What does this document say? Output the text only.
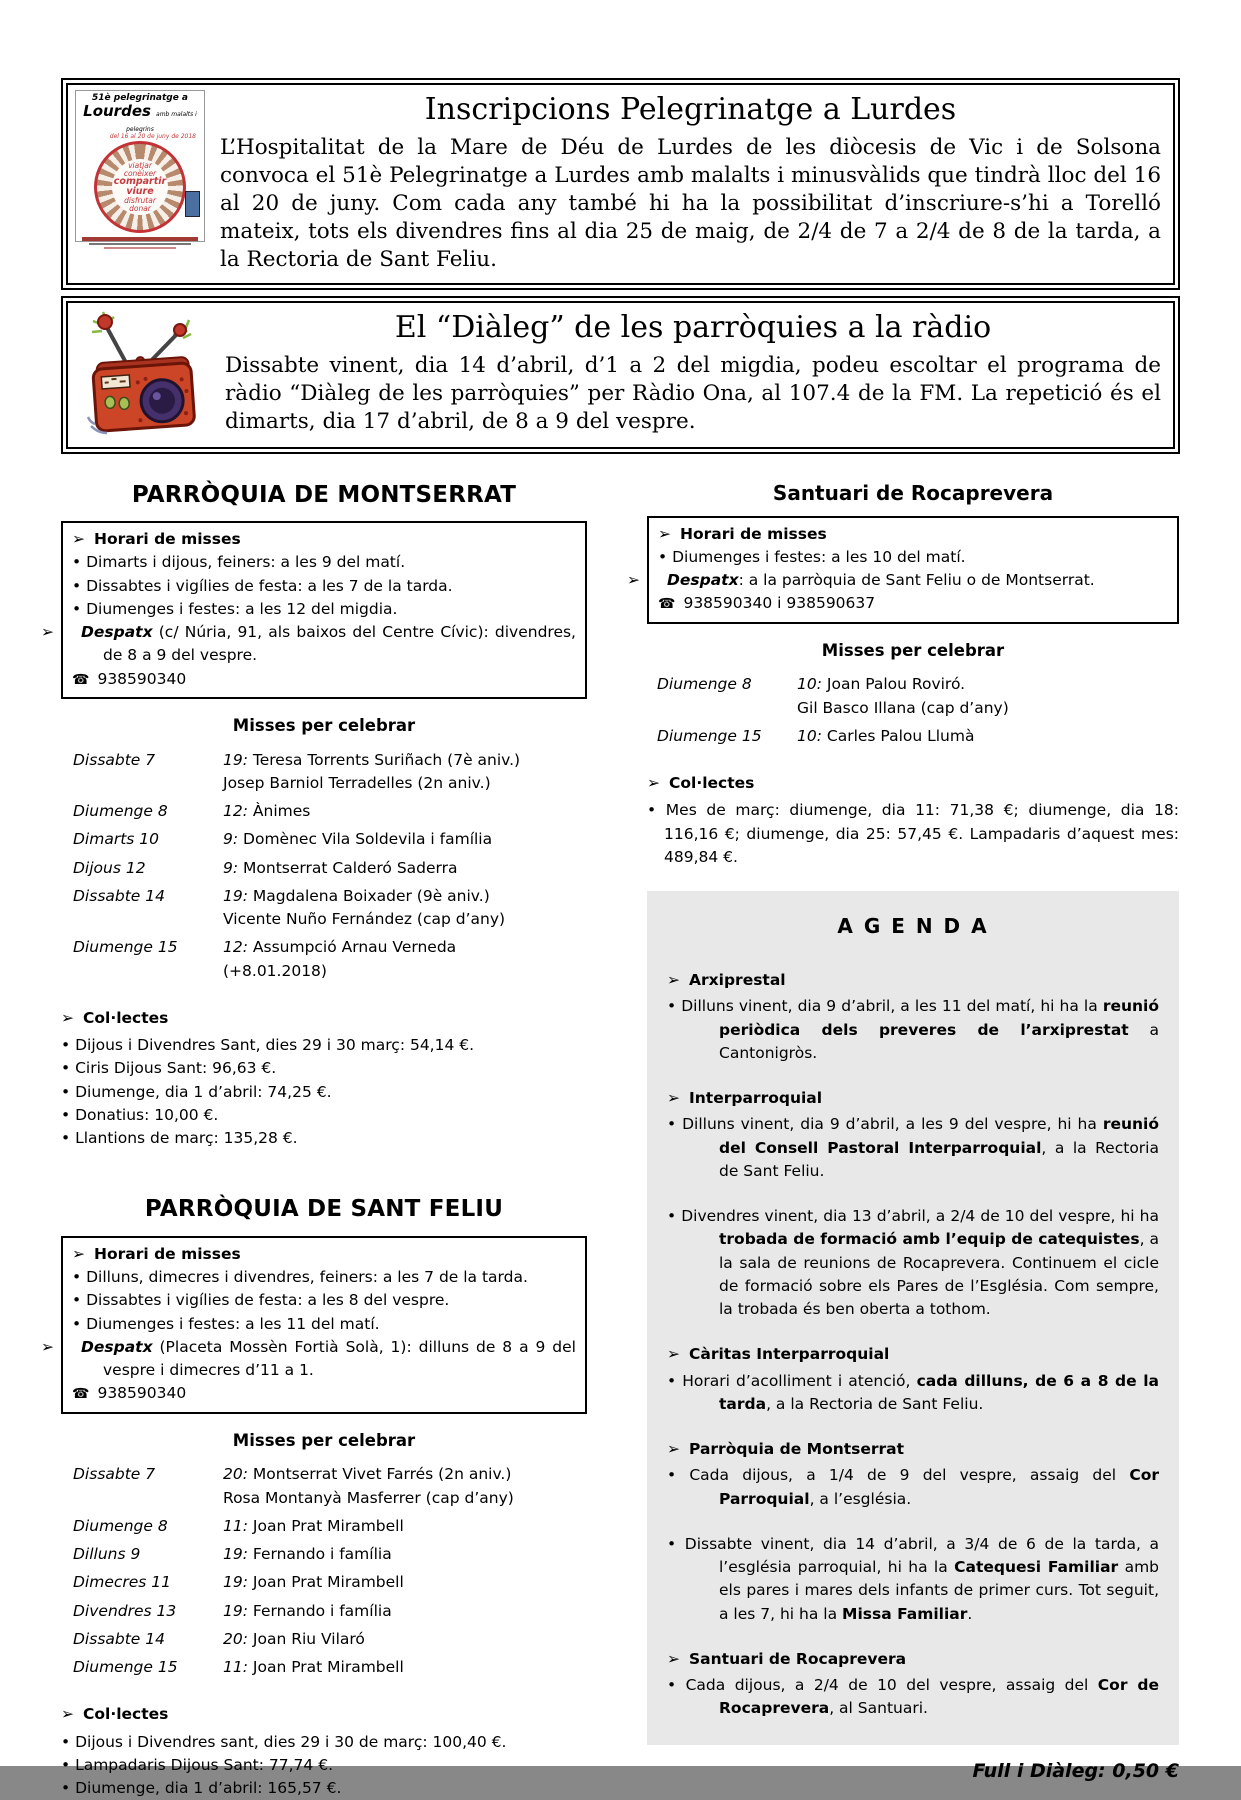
51è pelegrinatge a
Lourdes amb malalts i pelegrins
del 16 al 20 de juny de 2018
viatjar
conèixer
compartir
viure
disfrutar
donar
Inscripcions Pelegrinatge a Lurdes
L’Hospitalitat de la Mare de Déu de Lurdes de les diòcesis de Vic i de Solsona convoca el 51è Pelegrinatge a Lurdes amb malalts i minusvàlids que tindrà lloc del 16 al 20 de juny. Com cada any també hi ha la possibilitat d’inscriure-s’hi a Torelló mateix, tots els divendres fins al dia 25 de maig, de 2/4 de 7 a 2/4 de 8 de la tarda, a la Rectoria de Sant Feliu.
El “Diàleg” de les parròquies a la ràdio
Dissabte vinent, dia 14 d’abril, d’1 a 2 del migdia, podeu escoltar el programa de ràdio “Diàleg de les parròquies” per Ràdio Ona, al 107.4 de la FM. La repetició és el dimarts, dia 17 d’abril, de 8 a 9 del vespre.
PARRÒQUIA DE MONTSERRAT
➢ Horari de misses
• Dimarts i dijous, feiners: a les 9 del matí.
• Dissabtes i vigílies de festa: a les 7 de la tarda.
• Diumenges i festes: a les 12 del migdia.
➢ Despatx (c/ Núria, 91, als baixos del Centre Cívic): divendres, de 8 a 9 del vespre.
☎ 938590340
Misses per celebrar
Dissabte 7	19: Teresa Torrents Suriñach (7è aniv.)
Josep Barniol Terradelles (2n aniv.)
Diumenge 8	12: Ànimes
Dimarts 10	9: Domènec Vila Soldevila i família
Dijous 12	9: Montserrat Calderó Saderra
Dissabte 14	19: Magdalena Boixader (9è aniv.)
Vicente Nuño Fernández (cap d’any)
Diumenge 15	12: Assumpció Arnau Verneda
(+8.01.2018)
➢ Col·lectes
• Dijous i Divendres Sant, dies 29 i 30 març: 54,14 €.
• Ciris Dijous Sant: 96,63 €.
• Diumenge, dia 1 d’abril: 74,25 €.
• Donatius: 10,00 €.
• Llantions de març: 135,28 €.
PARRÒQUIA DE SANT FELIU
➢ Horari de misses
• Dilluns, dimecres i divendres, feiners: a les 7 de la tarda.
• Dissabtes i vigílies de festa: a les 8 del vespre.
• Diumenges i festes: a les 11 del matí.
➢ Despatx (Placeta Mossèn Fortià Solà, 1): dilluns de 8 a 9 del vespre i dimecres d’11 a 1.
☎ 938590340
Misses per celebrar
Dissabte 7	20: Montserrat Vivet Farrés (2n aniv.)
Rosa Montanyà Masferrer (cap d’any)
Diumenge 8	11: Joan Prat Mirambell
Dilluns 9	19: Fernando i família
Dimecres 11	19: Joan Prat Mirambell
Divendres 13	19: Fernando i família
Dissabte 14	20: Joan Riu Vilaró
Diumenge 15	11: Joan Prat Mirambell
➢ Col·lectes
• Dijous i Divendres sant, dies 29 i 30 de març: 100,40 €.
• Lampadaris Dijous Sant: 77,74 €.
• Diumenge, dia 1 d’abril: 165,57 €.
Santuari de Rocaprevera
➢ Horari de misses
• Diumenges i festes: a les 10 del matí.
➢ Despatx: a la parròquia de Sant Feliu o de Montserrat.
☎ 938590340 i 938590637
Misses per celebrar
Diumenge 8	10: Joan Palou Roviró.
Gil Basco Illana (cap d’any)
Diumenge 15	10: Carles Palou Llumà
➢ Col·lectes
• Mes de març: diumenge, dia 11: 71,38 €; diumenge, dia 18: 116,16 €; diumenge, dia 25: 57,45 €. Lampadaris d’aquest mes: 489,84 €.
A G E N D A
➢ Arxiprestal
• Dilluns vinent, dia 9 d’abril, a les 11 del matí, hi ha la reunió periòdica dels preveres de l’arxiprestat a Cantonigròs.
➢ Interparroquial
• Dilluns vinent, dia 9 d’abril, a les 9 del vespre, hi ha reunió del Consell Pastoral Interparroquial, a la Rectoria de Sant Feliu.
• Divendres vinent, dia 13 d’abril, a 2/4 de 10 del vespre, hi ha trobada de formació amb l’equip de catequistes, a la sala de reunions de Rocaprevera. Continuem el cicle de formació sobre els Pares de l’Església. Com sempre, la trobada és ben oberta a tothom.
➢ Càritas Interparroquial
• Horari d’acolliment i atenció, cada dilluns, de 6 a 8 de la tarda, a la Rectoria de Sant Feliu.
➢ Parròquia de Montserrat
• Cada dijous, a 1/4 de 9 del vespre, assaig del Cor Parroquial, a l’església.
• Dissabte vinent, dia 14 d’abril, a 3/4 de 6 de la tarda, a l’església parroquial, hi ha la Catequesi Familiar amb els pares i mares dels infants de primer curs. Tot seguit, a les 7, hi ha la Missa Familiar.
➢ Santuari de Rocaprevera
• Cada dijous, a 2/4 de 10 del vespre, assaig del Cor de Rocaprevera, al Santuari.
Full i Diàleg: 0,50 €
